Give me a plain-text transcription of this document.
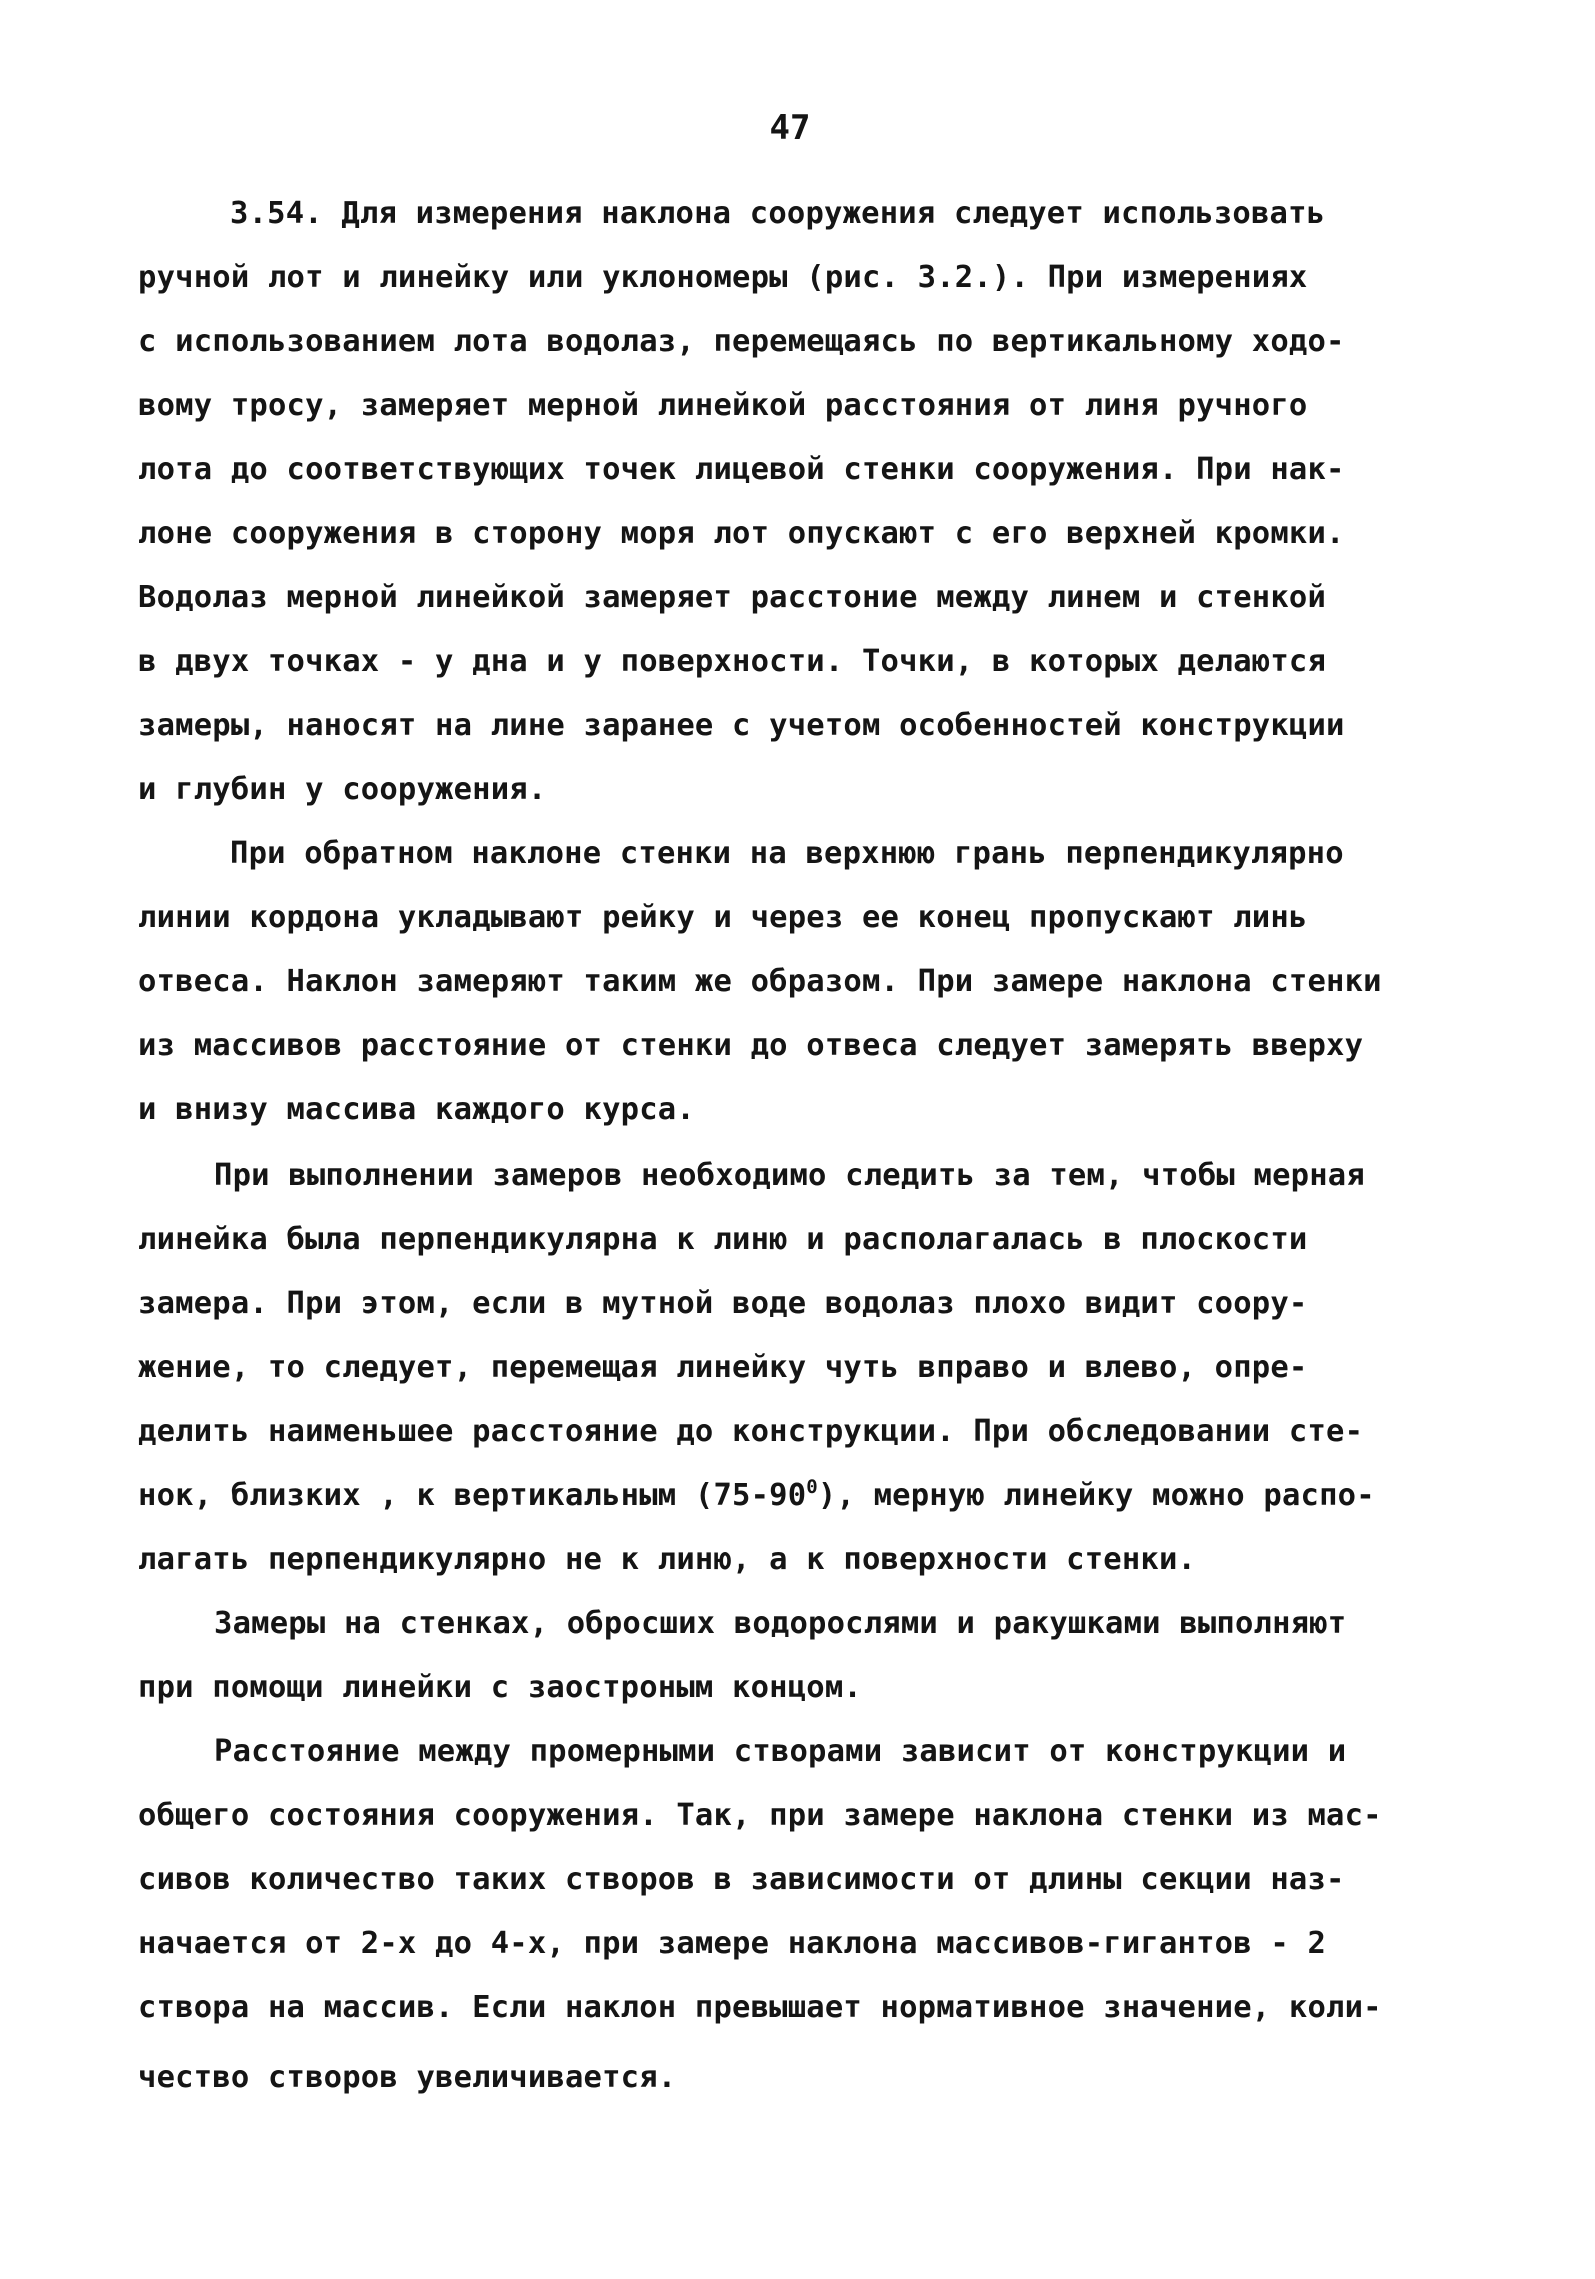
47
3.54. Для измерения наклона сооружения следует использовать
ручной лот и линейку или уклономеры (рис. 3.2.). При измерениях
с использованием лота водолаз, перемещаясь по вертикальному ходо-
вому тросу, замеряет мерной линейкой расстояния от линя ручного
лота до соответствующих точек лицевой стенки сооружения. При нак-
лоне сооружения в сторону моря лот опускают с его верхней кромки.
Водолаз мерной линейкой замеряет расстоние между линем и стенкой
в двух точках - у дна и у поверхности. Точки, в которых делаются
замеры, наносят на лине заранее с учетом особенностей конструкции
и глубин у сооружения.
При обратном наклоне стенки на верхнюю грань перпендикулярно
линии кордона укладывают рейку и через ее конец пропускают линь
отвеса. Наклон замеряют таким же образом. При замере наклона стенки
из массивов расстояние от стенки до отвеса следует замерять вверху
и внизу массива каждого курса.
При выполнении замеров необходимо следить за тем, чтобы мерная
линейка была перпендикулярна к линю и располагалась в плоскости
замера. При этом, если в мутной воде водолаз плохо видит соору-
жение, то следует, перемещая линейку чуть вправо и влево, опре-
делить наименьшее расстояние до конструкции. При обследовании сте-
нок, близких , к вертикальным $(75-90^0)$, мерную линейку можно распо-
лагать перпендикулярно не к линю, а к поверхности стенки.
Замеры на стенках, обросших водорослями и ракушками выполняют
при помощи линейки с заостроным концом.
Расстояние между промерными створами зависит от конструкции и
общего состояния сооружения. Так, при замере наклона стенки из мас-
сивов количество таких створов в зависимости от длины секции наз-
начается от 2-х до 4-х, при замере наклона массивов-гигантов - 2
створа на массив. Если наклон превышает нормативное значение, коли-
чество створов увеличивается.
